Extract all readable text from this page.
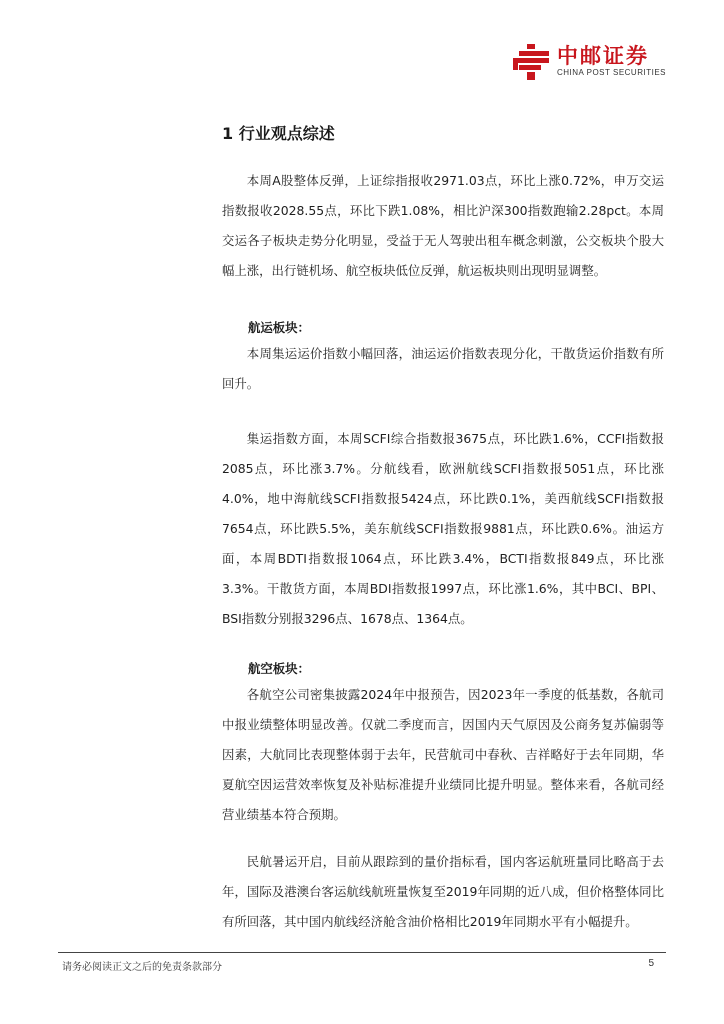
中邮证券
CHINA POST SECURITIES
1 行业观点综述

本周A股整体反弹，上证综指报收2971.03点，环比上涨0.72%，申万交运指数报收2028.55点，环比下跌1.08%，相比沪深300指数跑输2.28pct。本周交运各子板块走势分化明显，受益于无人驾驶出租车概念刺激，公交板块个股大幅上涨，出行链机场、航空板块低位反弹，航运板块则出现明显调整。

航运板块：

本周集运运价指数小幅回落，油运运价指数表现分化，干散货运价指数有所回升。

集运指数方面，本周SCFI综合指数报3675点，环比跌1.6%，CCFI指数报2085点，环比涨3.7%。分航线看，欧洲航线SCFI指数报5051点，环比涨4.0%，地中海航线SCFI指数报5424点，环比跌0.1%，美西航线SCFI指数报7654点，环比跌5.5%，美东航线SCFI指数报9881点，环比跌0.6%。油运方面，本周BDTI指数报1064点，环比跌3.4%，BCTI指数报849点，环比涨3.3%。干散货方面，本周BDI指数报1997点，环比涨1.6%，其中BCI、BPI、BSI指数分别报3296点、1678点、1364点。

航空板块：

各航空公司密集披露2024年中报预告，因2023年一季度的低基数，各航司中报业绩整体明显改善。仅就二季度而言，因国内天气原因及公商务复苏偏弱等因素，大航同比表现整体弱于去年，民营航司中春秋、吉祥略好于去年同期，华夏航空因运营效率恢复及补贴标准提升业绩同比提升明显。整体来看，各航司经营业绩基本符合预期。

民航暑运开启，目前从跟踪到的量价指标看，国内客运航班量同比略高于去年，国际及港澳台客运航线航班量恢复至2019年同期的近八成，但价格整体同比有所回落，其中国内航线经济舱含油价格相比2019年同期水平有小幅提升。

请务必阅读正文之后的免责条款部分	5
